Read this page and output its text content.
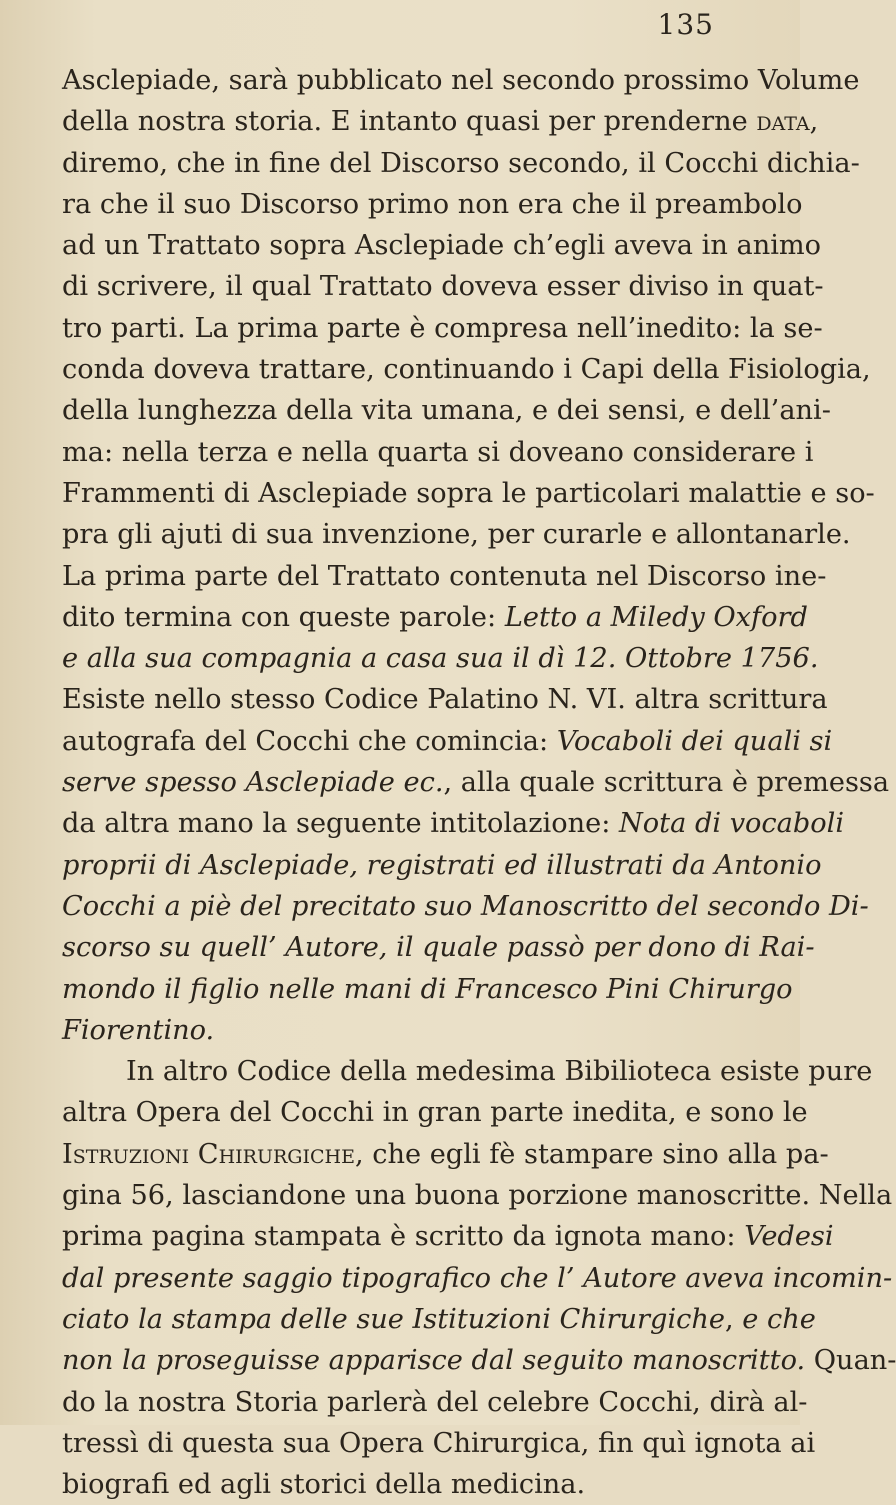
135
Asclepiade, sarà pubblicato nel secondo prossimo Volume
della nostra storia. E intanto quasi per prenderne data,
diremo, che in fine del Discorso secondo, il Cocchi dichia-
ra che il suo Discorso primo non era che il preambolo
ad un Trattato sopra Asclepiade ch’egli aveva in animo
di scrivere, il qual Trattato doveva esser diviso in quat-
tro parti. La prima parte è compresa nell’inedito: la se-
conda doveva trattare, continuando i Capi della Fisiologia,
della lunghezza della vita umana, e dei sensi, e dell’ani-
ma: nella terza e nella quarta si doveano considerare i
Frammenti di Asclepiade sopra le particolari malattie e so-
pra gli ajuti di sua invenzione, per curarle e allontanarle.
La prima parte del Trattato contenuta nel Discorso ine-
dito termina con queste parole: Letto a Miledy Oxford
e alla sua compagnia a casa sua il dì 12. Ottobre 1756.
Esiste nello stesso Codice Palatino N. VI. altra scrittura
autografa del Cocchi che comincia: Vocaboli dei quali si
serve spesso Asclepiade ec., alla quale scrittura è premessa
da altra mano la seguente intitolazione: Nota di vocaboli
proprii di Asclepiade, registrati ed illustrati da Antonio
Cocchi a piè del precitato suo Manoscritto del secondo Di-
scorso su quell’ Autore, il quale passò per dono di Rai-
mondo il figlio nelle mani di Francesco Pini Chirurgo
Fiorentino.
In altro Codice della medesima Bibilioteca esiste pure
altra Opera del Cocchi in gran parte inedita, e sono le
Istruzioni Chirurgiche, che egli fè stampare sino alla pa-
gina 56, lasciandone una buona porzione manoscritte. Nella
prima pagina stampata è scritto da ignota mano: Vedesi
dal presente saggio tipografico che l’ Autore aveva incomin-
ciato la stampa delle sue Istituzioni Chirurgiche, e che
non la proseguisse apparisce dal seguito manoscritto. Quan-
do la nostra Storia parlerà del celebre Cocchi, dirà al-
tressì di questa sua Opera Chirurgica, fin quì ignota ai
biografi ed agli storici della medicina.
